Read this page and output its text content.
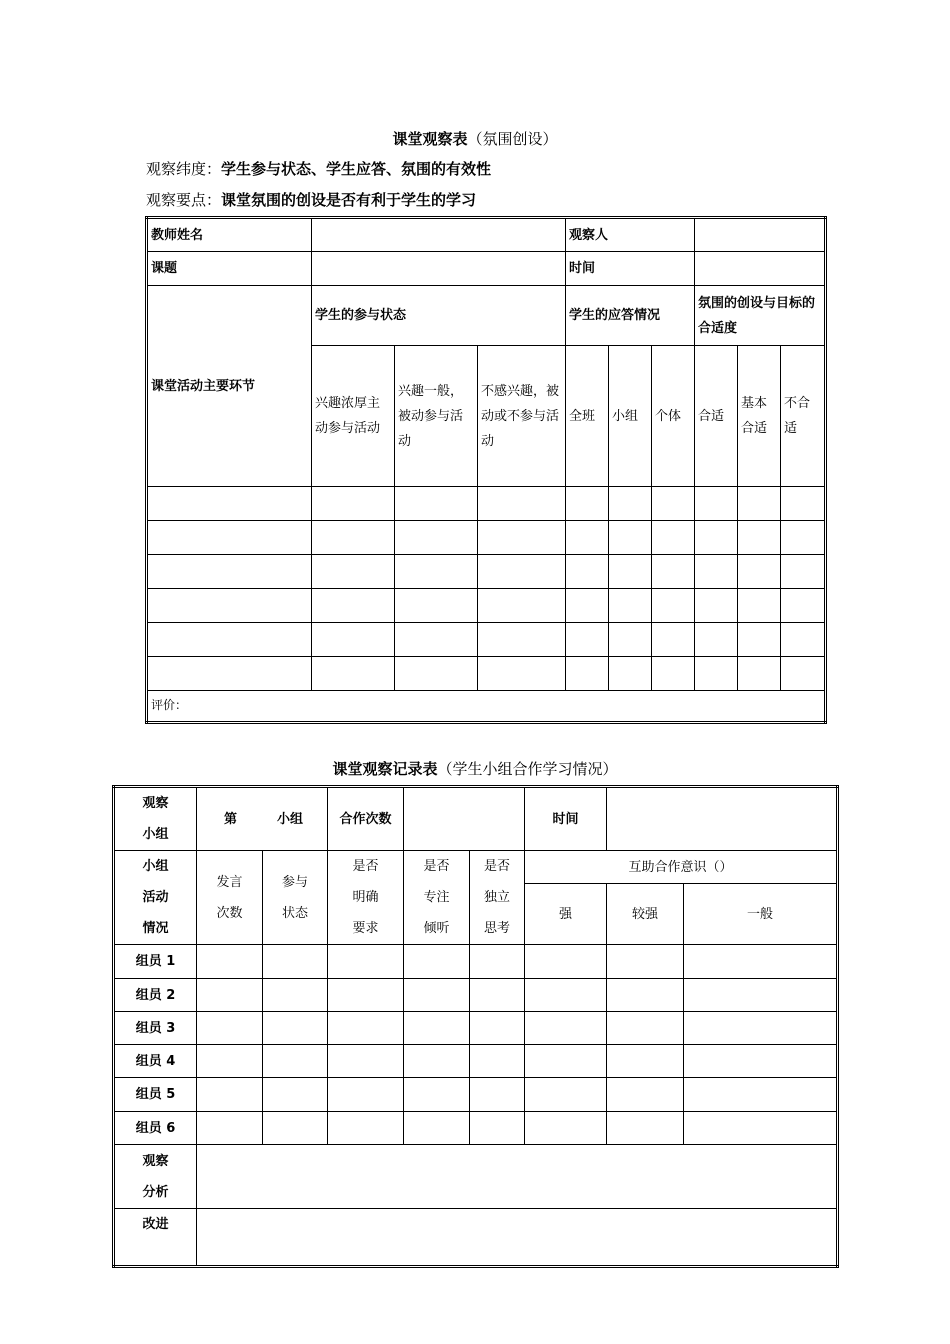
课堂观察表（氛围创设）
观察纬度：学生参与状态、学生应答、氛围的有效性
观察要点：课堂氛围的创设是否有利于学生的学习
教师姓名				观察人					
课题				时间					
课堂活动主要环节	学生的参与状态			学生的应答情况			氛围的创设与目标的合适度		
	兴趣浓厚主动参与活动	兴趣一般，被动参与活动	不感兴趣，被动或不参与活动	全班	小组	个体	合适	基本合适	不合适

评价：									
课堂观察记录表（学生小组合作学习情况）
观察小组	第 小组		合作次数			时间		
小组活动情况	发言次数	参与状态	是否明确要求	是否专注倾听	是否独立思考	互助合作意识（）		
						强	较强	一般
组员 1								
组员 2								
组员 3								
组员 4								
组员 5								
组员 6								
观察分析								
改进								
